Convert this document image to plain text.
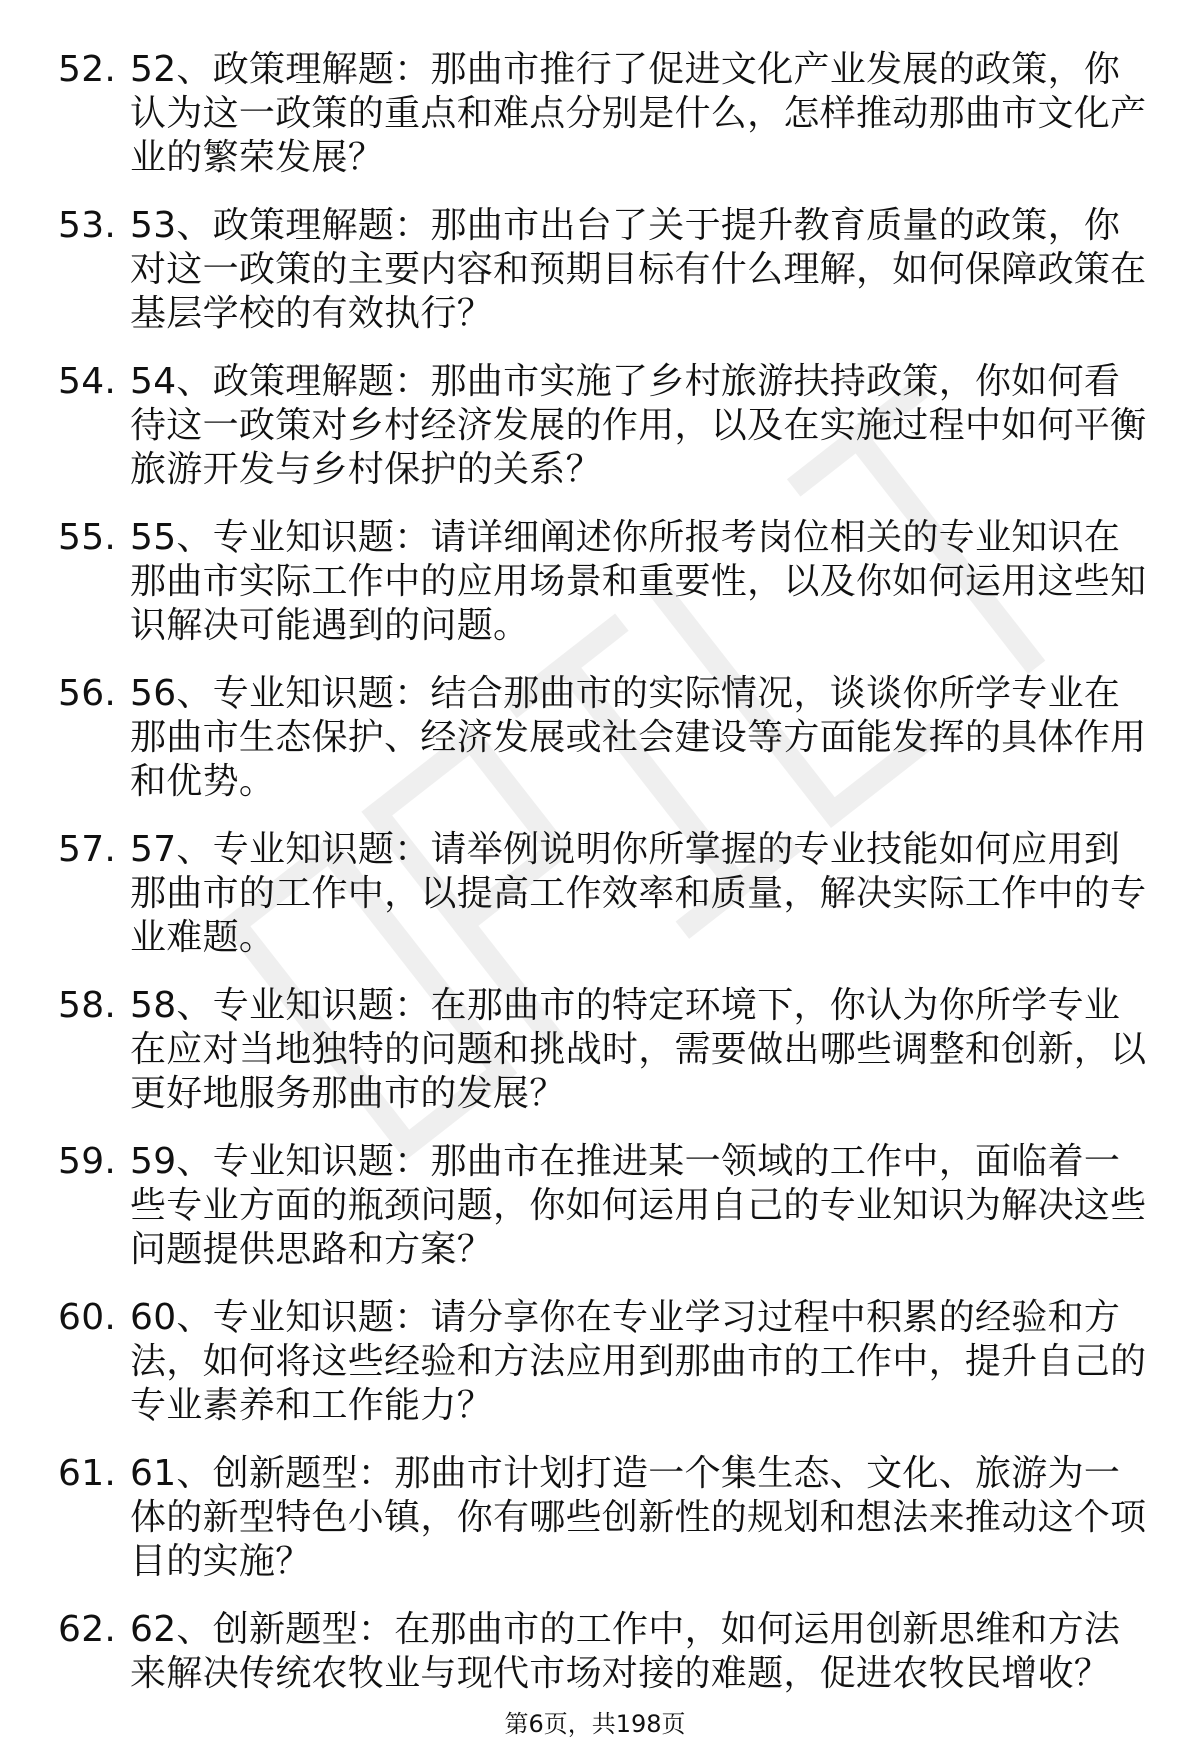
52. 52、政策理解题：那曲市推行了促进文化产业发展的政策，你认为这一政策的重点和难点分别是什么，怎样推动那曲市文化产业的繁荣发展？
53. 53、政策理解题：那曲市出台了关于提升教育质量的政策，你对这一政策的主要内容和预期目标有什么理解，如何保障政策在基层学校的有效执行？
54. 54、政策理解题：那曲市实施了乡村旅游扶持政策，你如何看待这一政策对乡村经济发展的作用，以及在实施过程中如何平衡旅游开发与乡村保护的关系？
55. 55、专业知识题：请详细阐述你所报考岗位相关的专业知识在那曲市实际工作中的应用场景和重要性，以及你如何运用这些知识解决可能遇到的问题。
56. 56、专业知识题：结合那曲市的实际情况，谈谈你所学专业在那曲市生态保护、经济发展或社会建设等方面能发挥的具体作用和优势。
57. 57、专业知识题：请举例说明你所掌握的专业技能如何应用到那曲市的工作中，以提高工作效率和质量，解决实际工作中的专业难题。
58. 58、专业知识题：在那曲市的特定环境下，你认为你所学专业在应对当地独特的问题和挑战时，需要做出哪些调整和创新，以更好地服务那曲市的发展？
59. 59、专业知识题：那曲市在推进某一领域的工作中，面临着一些专业方面的瓶颈问题，你如何运用自己的专业知识为解决这些问题提供思路和方案？
60. 60、专业知识题：请分享你在专业学习过程中积累的经验和方法，如何将这些经验和方法应用到那曲市的工作中，提升自己的专业素养和工作能力？
61. 61、创新题型：那曲市计划打造一个集生态、文化、旅游为一体的新型特色小镇，你有哪些创新性的规划和想法来推动这个项目的实施？
62. 62、创新题型：在那曲市的工作中，如何运用创新思维和方法来解决传统农牧业与现代市场对接的难题，促进农牧民增收？
第6页，共198页
